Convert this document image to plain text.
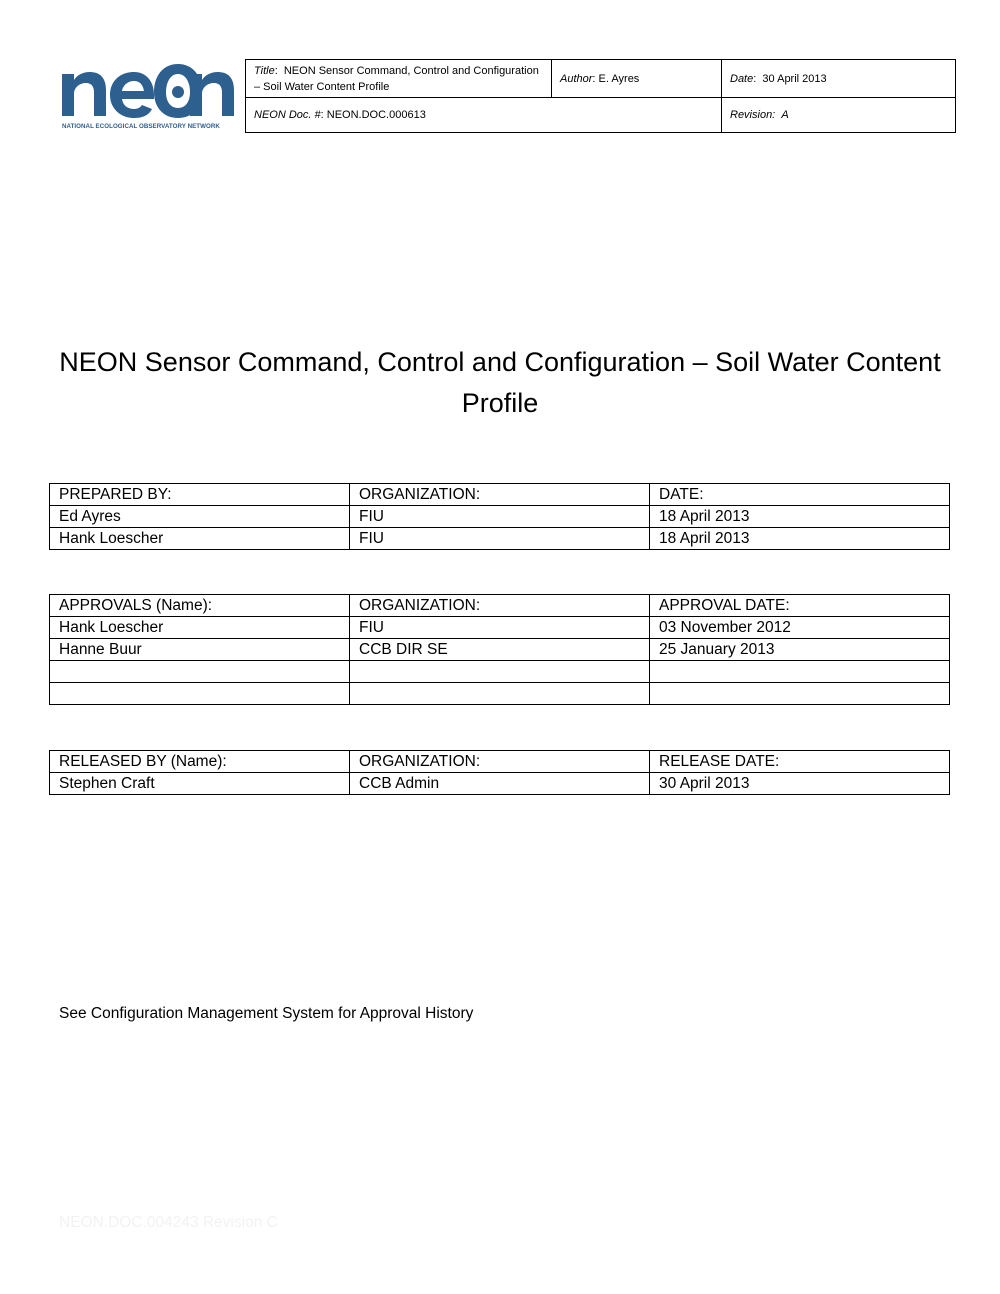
NATIONAL ECOLOGICAL OBSERVATORY NETWORK
Title:  NEON Sensor Command, Control and Configuration – Soil Water Content Profile	Author: E. Ayres	Date:  30 April 2013
NEON Doc. #: NEON.DOC.000613		Revision: A
NEON Sensor Command, Control and Configuration – Soil Water Content Profile
PREPARED BY:	ORGANIZATION:	DATE:
Ed Ayres	FIU	18 April 2013
Hank Loescher	FIU	18 April 2013
APPROVALS (Name):	ORGANIZATION:	APPROVAL DATE:
Hank Loescher	FIU	03 November 2012
Hanne Buur	CCB DIR SE	25 January 2013

RELEASED BY (Name):	ORGANIZATION:	RELEASE DATE:
Stephen Craft	CCB Admin	30 April 2013
See Configuration Management System for Approval History
NEON.DOC.004243 Revision C
